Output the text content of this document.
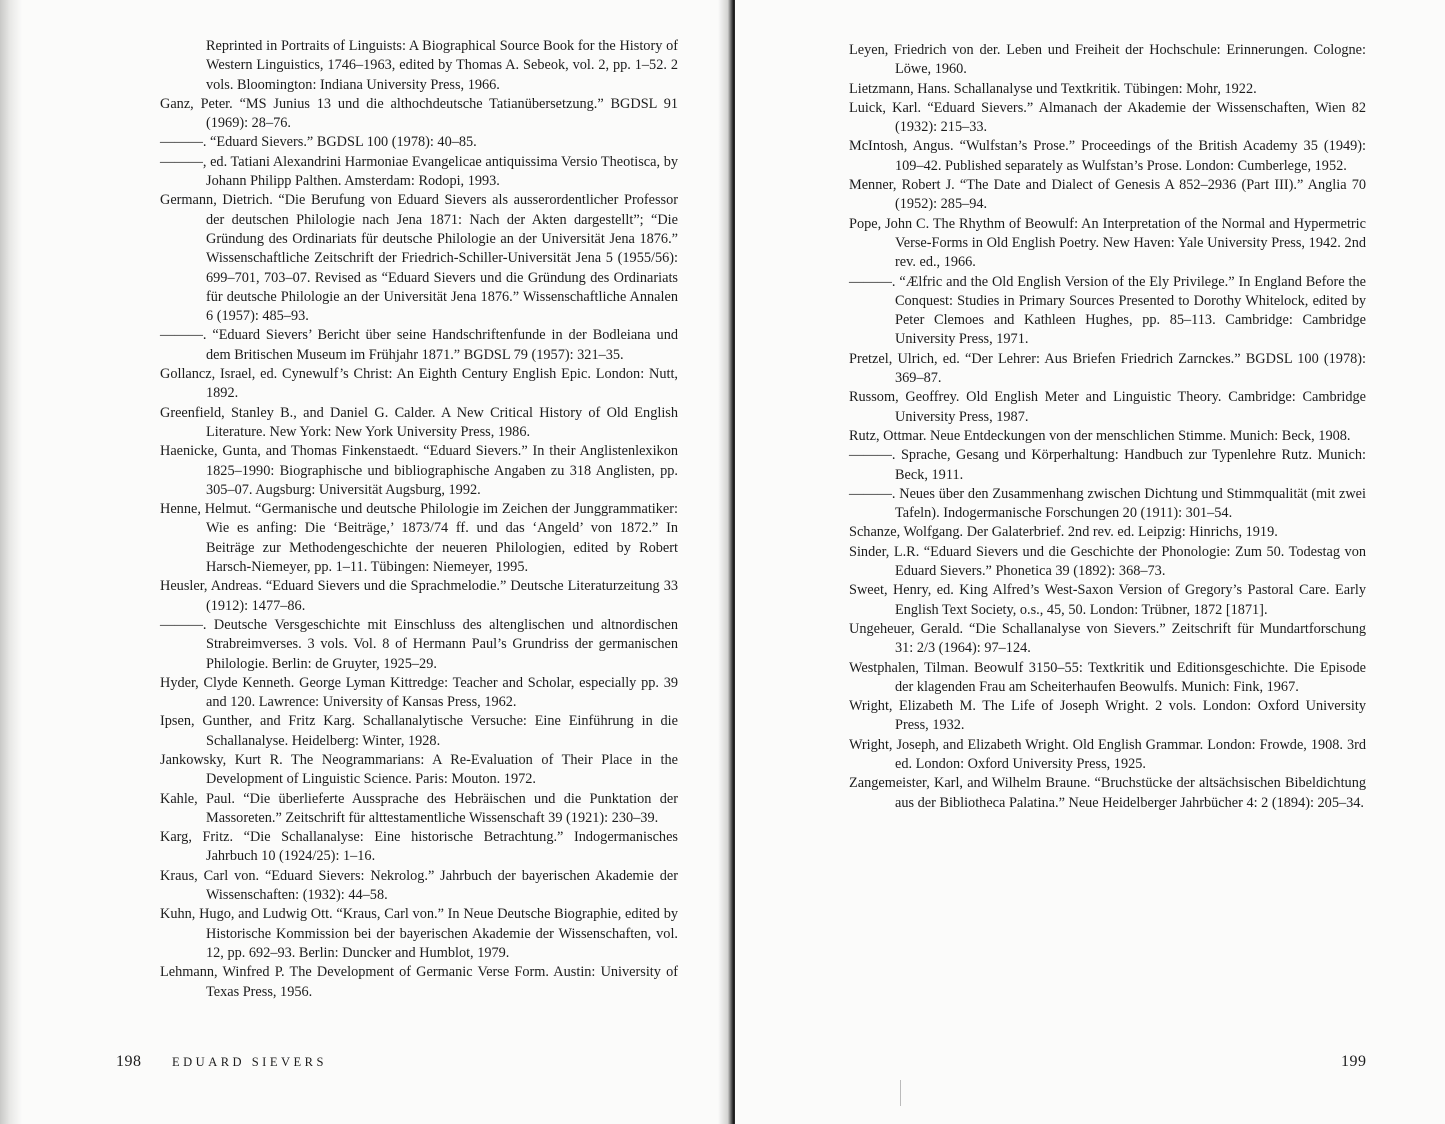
Reprinted in Portraits of Linguists: A Biographical Source Book for the History of Western Linguistics, 1746–1963, edited by Thomas A. Sebeok, vol. 2, pp. 1–52. 2 vols. Bloomington: Indiana University Press, 1966.

Ganz, Peter. “MS Junius 13 und die althochdeutsche Tatianübersetzung.” BGDSL 91 (1969): 28–76.

———. “Eduard Sievers.” BGDSL 100 (1978): 40–85.

———, ed. Tatiani Alexandrini Harmoniae Evangelicae antiquissima Versio Theotisca, by Johann Philipp Palthen. Amsterdam: Rodopi, 1993.

Germann, Dietrich. “Die Berufung von Eduard Sievers als ausserordentlicher Professor der deutschen Philologie nach Jena 1871: Nach der Akten dargestellt”; “Die Gründung des Ordinariats für deutsche Philologie an der Universität Jena 1876.” Wissenschaftliche Zeitschrift der Friedrich-Schiller-Universität Jena 5 (1955/56): 699–701, 703–07. Revised as “Eduard Sievers und die Gründung des Ordinariats für deutsche Philologie an der Universität Jena 1876.” Wissenschaftliche Annalen 6 (1957): 485–93.

———. “Eduard Sievers’ Bericht über seine Handschriftenfunde in der Bodleiana und dem Britischen Museum im Frühjahr 1871.” BGDSL 79 (1957): 321–35.

Gollancz, Israel, ed. Cynewulf’s Christ: An Eighth Century English Epic. London: Nutt, 1892.

Greenfield, Stanley B., and Daniel G. Calder. A New Critical History of Old English Literature. New York: New York University Press, 1986.

Haenicke, Gunta, and Thomas Finkenstaedt. “Eduard Sievers.” In their Anglistenlexikon 1825–1990: Biographische und bibliographische Angaben zu 318 Anglisten, pp. 305–07. Augsburg: Universität Augsburg, 1992.

Henne, Helmut. “Germanische und deutsche Philologie im Zeichen der Junggrammatiker: Wie es anfing: Die ‘Beiträge,’ 1873/74 ff. und das ‘Angeld’ von 1872.” In Beiträge zur Methodengeschichte der neueren Philologien, edited by Robert Harsch-Niemeyer, pp. 1–11. Tübingen: Niemeyer, 1995.

Heusler, Andreas. “Eduard Sievers und die Sprachmelodie.” Deutsche Literaturzeitung 33 (1912): 1477–86.

———. Deutsche Versgeschichte mit Einschluss des altenglischen und altnordischen Strabreimverses. 3 vols. Vol. 8 of Hermann Paul’s Grundriss der germanischen Philologie. Berlin: de Gruyter, 1925–29.

Hyder, Clyde Kenneth. George Lyman Kittredge: Teacher and Scholar, especially pp. 39 and 120. Lawrence: University of Kansas Press, 1962.

Ipsen, Gunther, and Fritz Karg. Schallanalytische Versuche: Eine Einführung in die Schallanalyse. Heidelberg: Winter, 1928.

Jankowsky, Kurt R. The Neogrammarians: A Re-Evaluation of Their Place in the Development of Linguistic Science. Paris: Mouton. 1972.

Kahle, Paul. “Die überlieferte Aussprache des Hebräischen und die Punktation der Massoreten.” Zeitschrift für alttestamentliche Wissenschaft 39 (1921): 230–39.

Karg, Fritz. “Die Schallanalyse: Eine historische Betrachtung.” Indogermanisches Jahrbuch 10 (1924/25): 1–16.

Kraus, Carl von. “Eduard Sievers: Nekrolog.” Jahrbuch der bayerischen Akademie der Wissenschaften: (1932): 44–58.

Kuhn, Hugo, and Ludwig Ott. “Kraus, Carl von.” In Neue Deutsche Biographie, edited by Historische Kommission bei der bayerischen Akademie der Wissenschaften, vol. 12, pp. 692–93. Berlin: Duncker and Humblot, 1979.

Lehmann, Winfred P. The Development of Germanic Verse Form. Austin: University of Texas Press, 1956.

198 EDUARD SIEVERS

Leyen, Friedrich von der. Leben und Freiheit der Hochschule: Erinnerungen. Cologne: Löwe, 1960.

Lietzmann, Hans. Schallanalyse und Textkritik. Tübingen: Mohr, 1922.

Luick, Karl. “Eduard Sievers.” Almanach der Akademie der Wissenschaften, Wien 82 (1932): 215–33.

McIntosh, Angus. “Wulfstan’s Prose.” Proceedings of the British Academy 35 (1949): 109–42. Published separately as Wulfstan’s Prose. London: Cumberlege, 1952.

Menner, Robert J. “The Date and Dialect of Genesis A 852–2936 (Part III).” Anglia 70 (1952): 285–94.

Pope, John C. The Rhythm of Beowulf: An Interpretation of the Normal and Hypermetric Verse-Forms in Old English Poetry. New Haven: Yale University Press, 1942. 2nd rev. ed., 1966.

———. “Ælfric and the Old English Version of the Ely Privilege.” In England Before the Conquest: Studies in Primary Sources Presented to Dorothy Whitelock, edited by Peter Clemoes and Kathleen Hughes, pp. 85–113. Cambridge: Cambridge University Press, 1971.

Pretzel, Ulrich, ed. “Der Lehrer: Aus Briefen Friedrich Zarnckes.” BGDSL 100 (1978): 369–87.

Russom, Geoffrey. Old English Meter and Linguistic Theory. Cambridge: Cambridge University Press, 1987.

Rutz, Ottmar. Neue Entdeckungen von der menschlichen Stimme. Munich: Beck, 1908.

———. Sprache, Gesang und Körperhaltung: Handbuch zur Typenlehre Rutz. Munich: Beck, 1911.

———. Neues über den Zusammenhang zwischen Dichtung und Stimmqualität (mit zwei Tafeln). Indogermanische Forschungen 20 (1911): 301–54.

Schanze, Wolfgang. Der Galaterbrief. 2nd rev. ed. Leipzig: Hinrichs, 1919.

Sinder, L.R. “Eduard Sievers und die Geschichte der Phonologie: Zum 50. Todestag von Eduard Sievers.” Phonetica 39 (1892): 368–73.

Sweet, Henry, ed. King Alfred’s West-Saxon Version of Gregory’s Pastoral Care. Early English Text Society, o.s., 45, 50. London: Trübner, 1872 [1871].

Ungeheuer, Gerald. “Die Schallanalyse von Sievers.” Zeitschrift für Mundartforschung 31: 2/3 (1964): 97–124.

Westphalen, Tilman. Beowulf 3150–55: Textkritik und Editionsgeschichte. Die Episode der klagenden Frau am Scheiterhaufen Beowulfs. Munich: Fink, 1967.

Wright, Elizabeth M. The Life of Joseph Wright. 2 vols. London: Oxford University Press, 1932.

Wright, Joseph, and Elizabeth Wright. Old English Grammar. London: Frowde, 1908. 3rd ed. London: Oxford University Press, 1925.

Zangemeister, Karl, and Wilhelm Braune. “Bruchstücke der altsächsischen Bibeldichtung aus der Bibliotheca Palatina.” Neue Heidelberger Jahrbücher 4: 2 (1894): 205–34.

199
